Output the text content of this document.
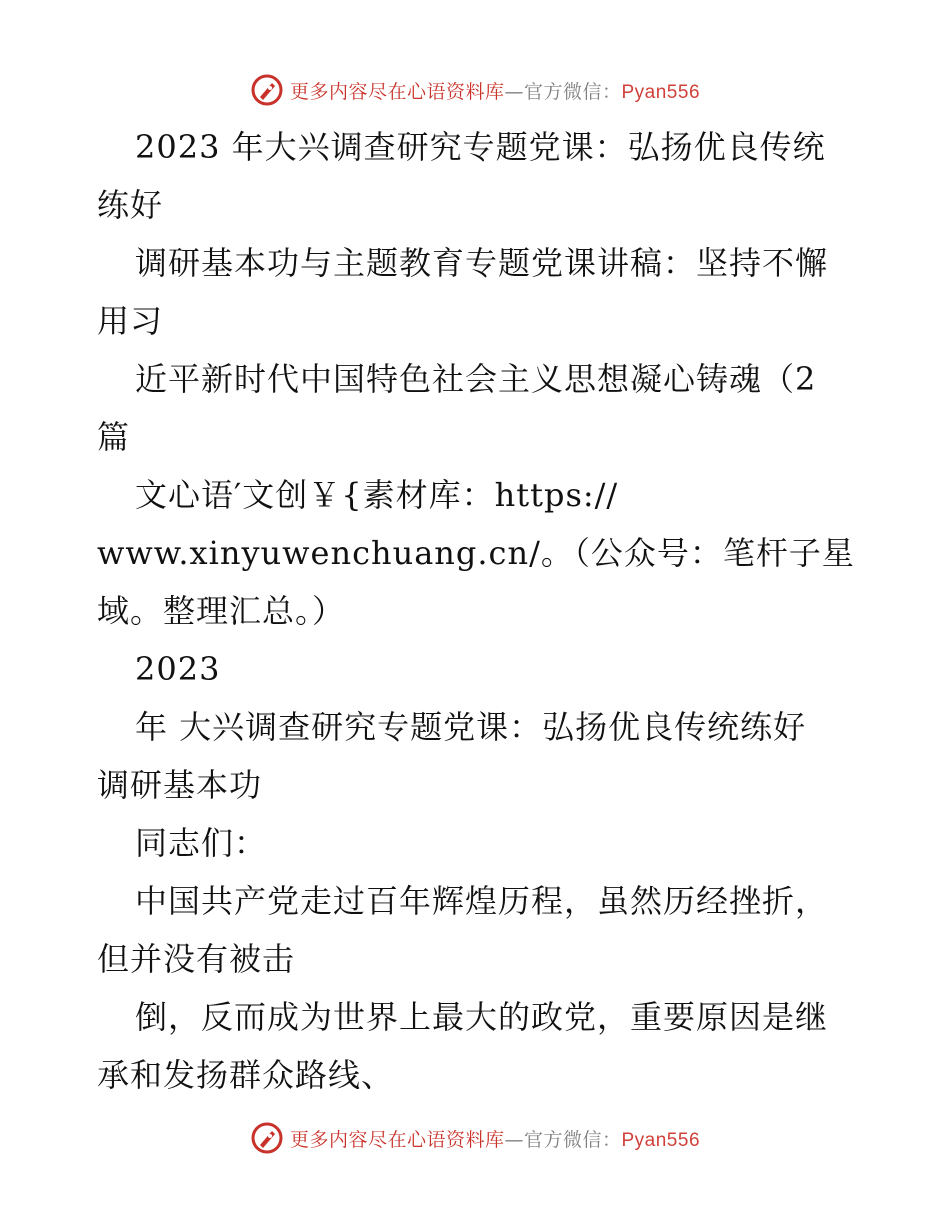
更多内容尽在心语资料库—官方微信：Pyan556
2023 年大兴调查研究专题党课：弘扬优良传统
练好
调研基本功与主题教育专题党课讲稿：坚持不懈
用习
近平新时代中国特色社会主义思想凝心铸魂（2
篇
文心语′文创￥{素材库：https://
www.xinyuwenchuang.cn/。（公众号：笔杆子星
域。整理汇总。）
2023
年 大兴调查研究专题党课：弘扬优良传统练好
调研基本功
同志们：
中国共产党走过百年辉煌历程，虽然历经挫折，
但并没有被击
倒，反而成为世界上最大的政党，重要原因是继
承和发扬群众路线、
更多内容尽在心语资料库—官方微信：Pyan556
